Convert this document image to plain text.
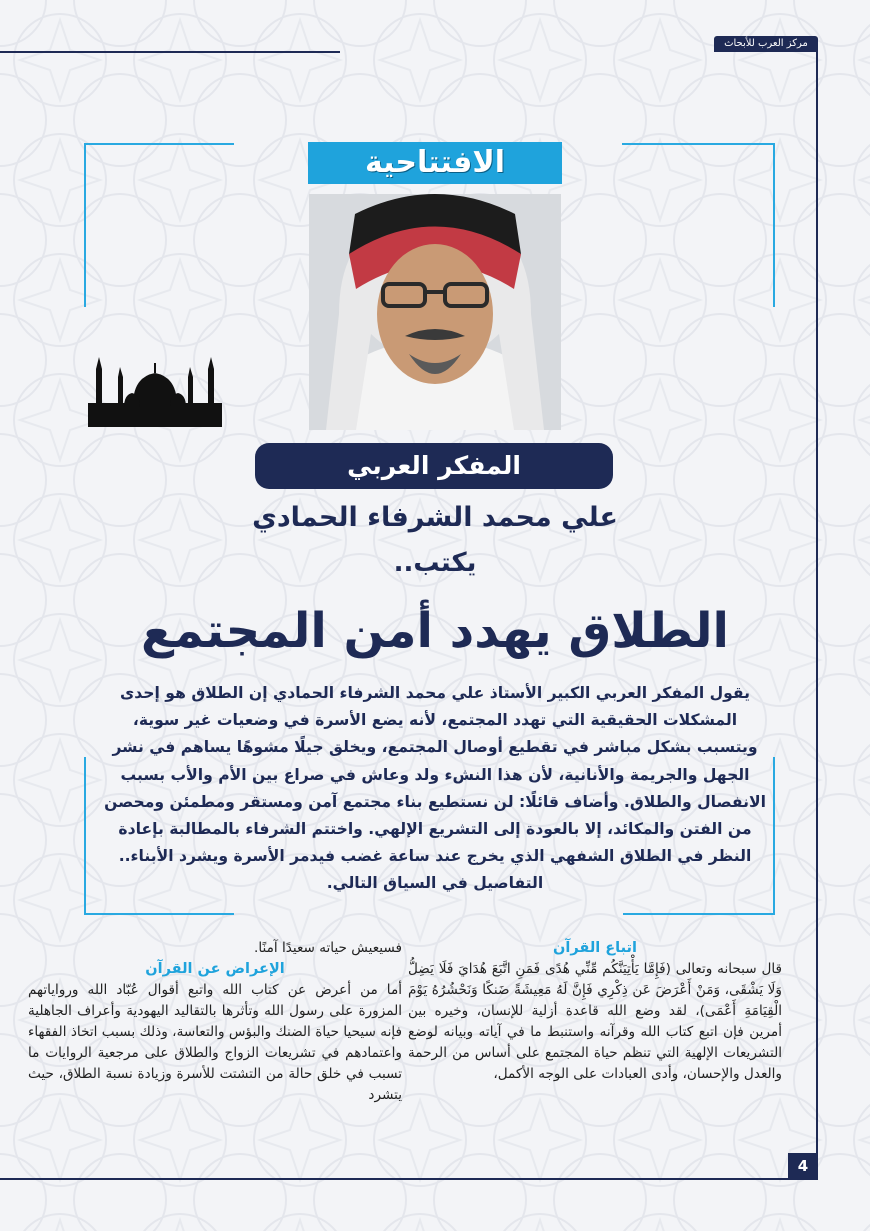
مركز العرب للأبحاث
الافتتاحية
المفكر العربي
علي محمد الشرفاء الحمادي
يكتب..
الطلاق يهدد أمن المجتمع
يقول المفكر العربي الكبير الأستاذ علي محمد الشرفاء الحمادي إن الطلاق هو إحدى المشكلات الحقيقية التي تهدد المجتمع، لأنه يضع الأسرة في وضعيات غير سوية، ويتسبب بشكل مباشر في تقطيع أوصال المجتمع، ويخلق جيلًا مشوهًا يساهم في نشر الجهل والجريمة والأنانية، لأن هذا النشء ولد وعاش في صراع بين الأم والأب بسبب الانفصال والطلاق. وأضاف قائلًا: لن نستطيع بناء مجتمع آمن ومستقر ومطمئن ومحصن من الفتن والمكائد، إلا بالعودة إلى التشريع الإلهي. واختتم الشرفاء بالمطالبة بإعادة النظر في الطلاق الشفهي الذي يخرج عند ساعة غضب فيدمر الأسرة ويشرد الأبناء.. التفاصيل في السياق التالي.
اتباع القرآن

قال سبحانه وتعالى (فَإِمَّا يَأْتِيَنَّكُم مِّنِّي هُدًى فَمَنِ اتَّبَعَ هُدَايَ فَلَا يَضِلُّ وَلَا يَشْقَى، وَمَنْ أَعْرَضَ عَن ذِكْرِي فَإِنَّ لَهُ مَعِيشَةً ضَنكًا وَنَحْشُرُهُ يَوْمَ الْقِيَامَةِ أَعْمَى)، لقد وضع الله قاعدة أزلية للإنسان، وخيره بين أمرين فإن اتبع كتاب الله وقرآنه واستنبط ما في آياته وبيانه لوضع التشريعات الإلهية التي تنظم حياة المجتمع على أساس من الرحمة والعدل والإحسان، وأدى العبادات على الوجه الأكمل،

فسيعيش حياته سعيدًا آمنًا.

الإعراض عن القرآن

أما من أعرض عن كتاب الله واتبع أقوال عُبّاد الله ورواياتهم المزورة على رسول الله وتأثرها بالتقاليد اليهودية وأعراف الجاهلية فإنه سيحيا حياة الضنك والبؤس والتعاسة، وذلك بسبب اتخاذ الفقهاء واعتمادهم في تشريعات الزواج والطلاق على مرجعية الروايات ما تسبب في خلق حالة من التشتت للأسرة وزيادة نسبة الطلاق، حيث يتشرد

4
